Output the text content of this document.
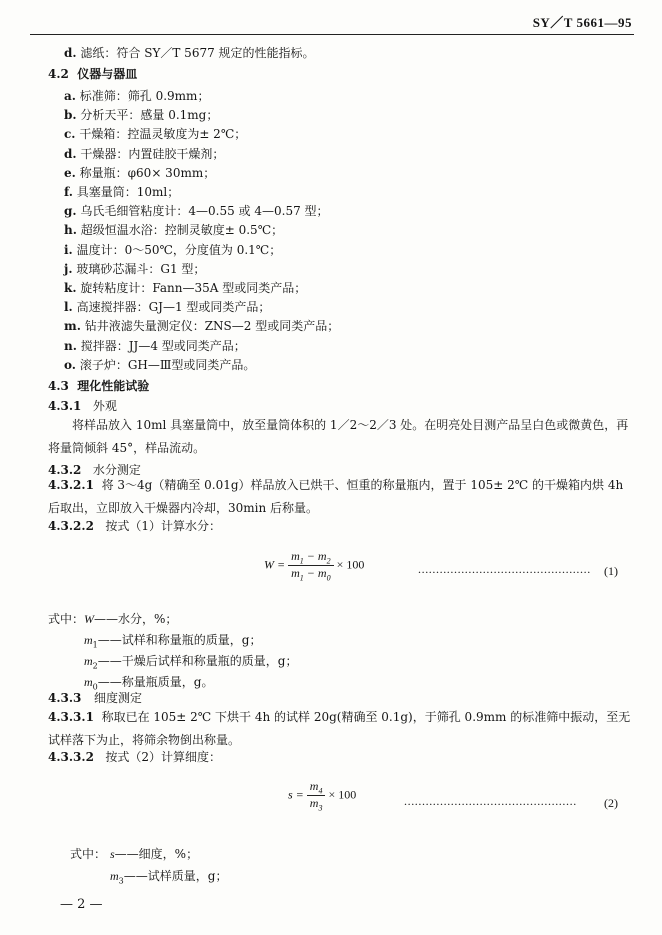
SY／T 5661—95
d. 滤纸：符合 SY／T 5677 规定的性能指标。
4.2 仪器与器皿
a. 标准筛：筛孔 0.9mm；
b. 分析天平：感量 0.1mg；
c. 干燥箱：控温灵敏度为± 2℃；
d. 干燥器：内置硅胶干燥剂；
e. 称量瓶：φ60× 30mm；
f. 具塞量筒：10ml；
g. 乌氏毛细管粘度计：4—0.55 或 4—0.57 型；
h. 超级恒温水浴：控制灵敏度± 0.5℃；
i. 温度计：0～50℃，分度值为 0.1℃；
j. 玻璃砂芯漏斗：G1 型；
k. 旋转粘度计：Fann—35A 型或同类产品；
l. 高速搅拌器：GJ—1 型或同类产品；
m. 钻井液滤失量测定仪：ZNS—2 型或同类产品；
n. 搅拌器：JJ—4 型或同类产品；
o. 滚子炉：GH—Ⅲ型或同类产品。
4.3 理化性能试验
4.3.1 外观
将样品放入 10ml 具塞量筒中，放至量筒体积的 1／2～2／3 处。在明亮处目测产品呈白色或微黄色，再将量筒倾斜 45°，样品流动。
4.3.2 水分测定
4.3.2.1 将 3～4g（精确至 0.01g）样品放入已烘干、恒重的称量瓶内，置于 105± 2℃ 的干燥箱内烘 4h 后取出，立即放入干燥器内冷却，30min 后称量。
4.3.2.2 按式（1）计算水分：
$W = \frac{m_1 - m_2}{m_1 - m_0} \times 100$	................................................ (1)
式中： W——水分，%；
$m_1——$试样和称量瓶的质量，g；
$m_2——$干燥后试样和称量瓶的质量，g；
$m_0——$称量瓶质量，g。
4.3.3 细度测定
4.3.3.1 称取已在 105± 2℃ 下烘干 4h 的试样 20g(精确至 0.1g)，于筛孔 0.9mm 的标准筛中振动，至无试样落下为止，将筛余物倒出称量。
4.3.3.2 按式（2）计算细度：
$s = \frac{m_4}{m_3} \times 100$	................................................ (2)
式中： s——细度，%；
$m_3——$试样质量，g；
— 2 —
